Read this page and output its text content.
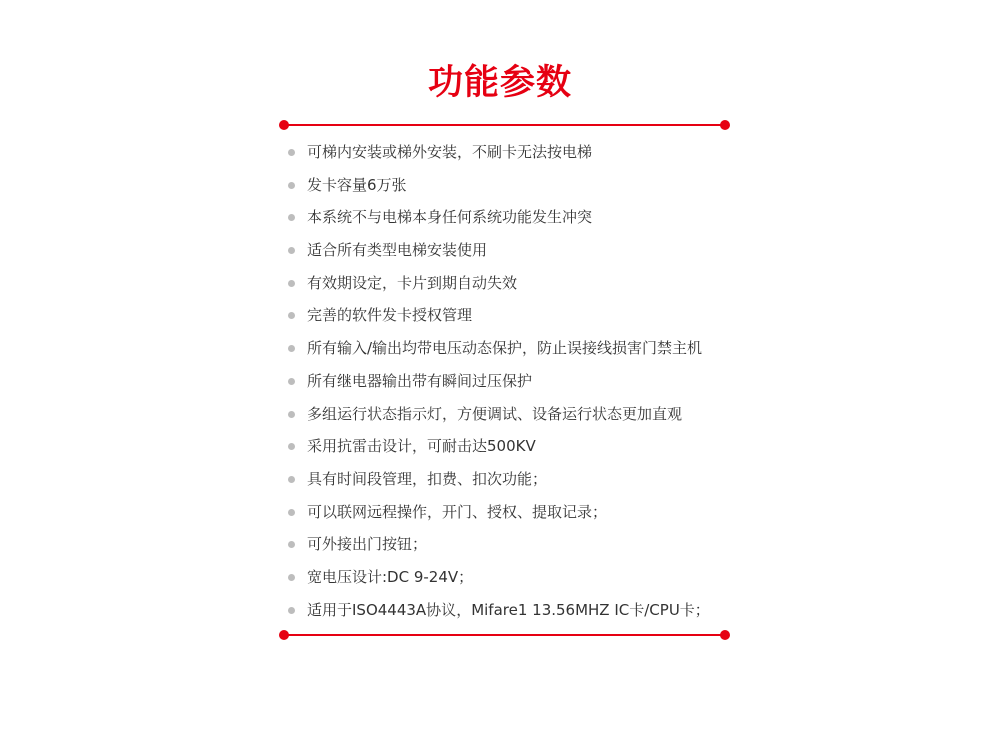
功能参数
可梯内安装或梯外安装，不刷卡无法按电梯
发卡容量6万张
本系统不与电梯本身任何系统功能发生冲突
适合所有类型电梯安装使用
有效期设定，卡片到期自动失效
完善的软件发卡授权管理
所有输入/输出均带电压动态保护，防止误接线损害门禁主机
所有继电器输出带有瞬间过压保护
多组运行状态指示灯，方便调试、设备运行状态更加直观
采用抗雷击设计，可耐击达500KV
具有时间段管理，扣费、扣次功能；
可以联网远程操作，开门、授权、提取记录；
可外接出门按钮；
宽电压设计:DC 9-24V；
适用于ISO4443A协议，Mifare1 13.56MHZ IC卡/CPU卡；
